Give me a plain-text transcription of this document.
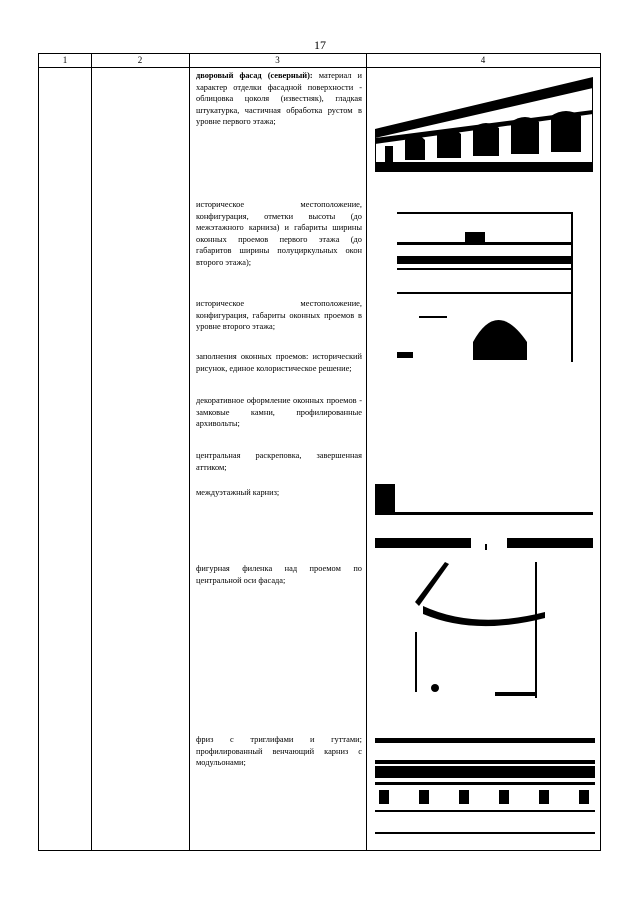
17
1	2	3	4
дворовый фасад (северный): материал и характер отделки фасадной поверхности - облицовка цоколя (известняк), гладкая штукатурка, частичная обработка рустом в уровне первого этажа;
историческое местоположение, конфигурация, отметки высоты (до межэтажного карниза) и габариты ширины оконных проемов первого этажа (до габаритов ширины полуциркульных окон второго этажа);
историческое местоположение, конфигурация, габариты оконных проемов в уровне второго этажа;
заполнения оконных проемов: исторический рисунок, единое колористическое решение;
декоративное оформление оконных проемов - замковые камни, профилированные архивольты;
центральная раскреповка, завершенная аттиком;
междуэтажный карниз;
фигурная филенка над проемом по центральной оси фасада;
фриз с триглифами и гуттами; профилированный венчающий карниз с модульонами;
